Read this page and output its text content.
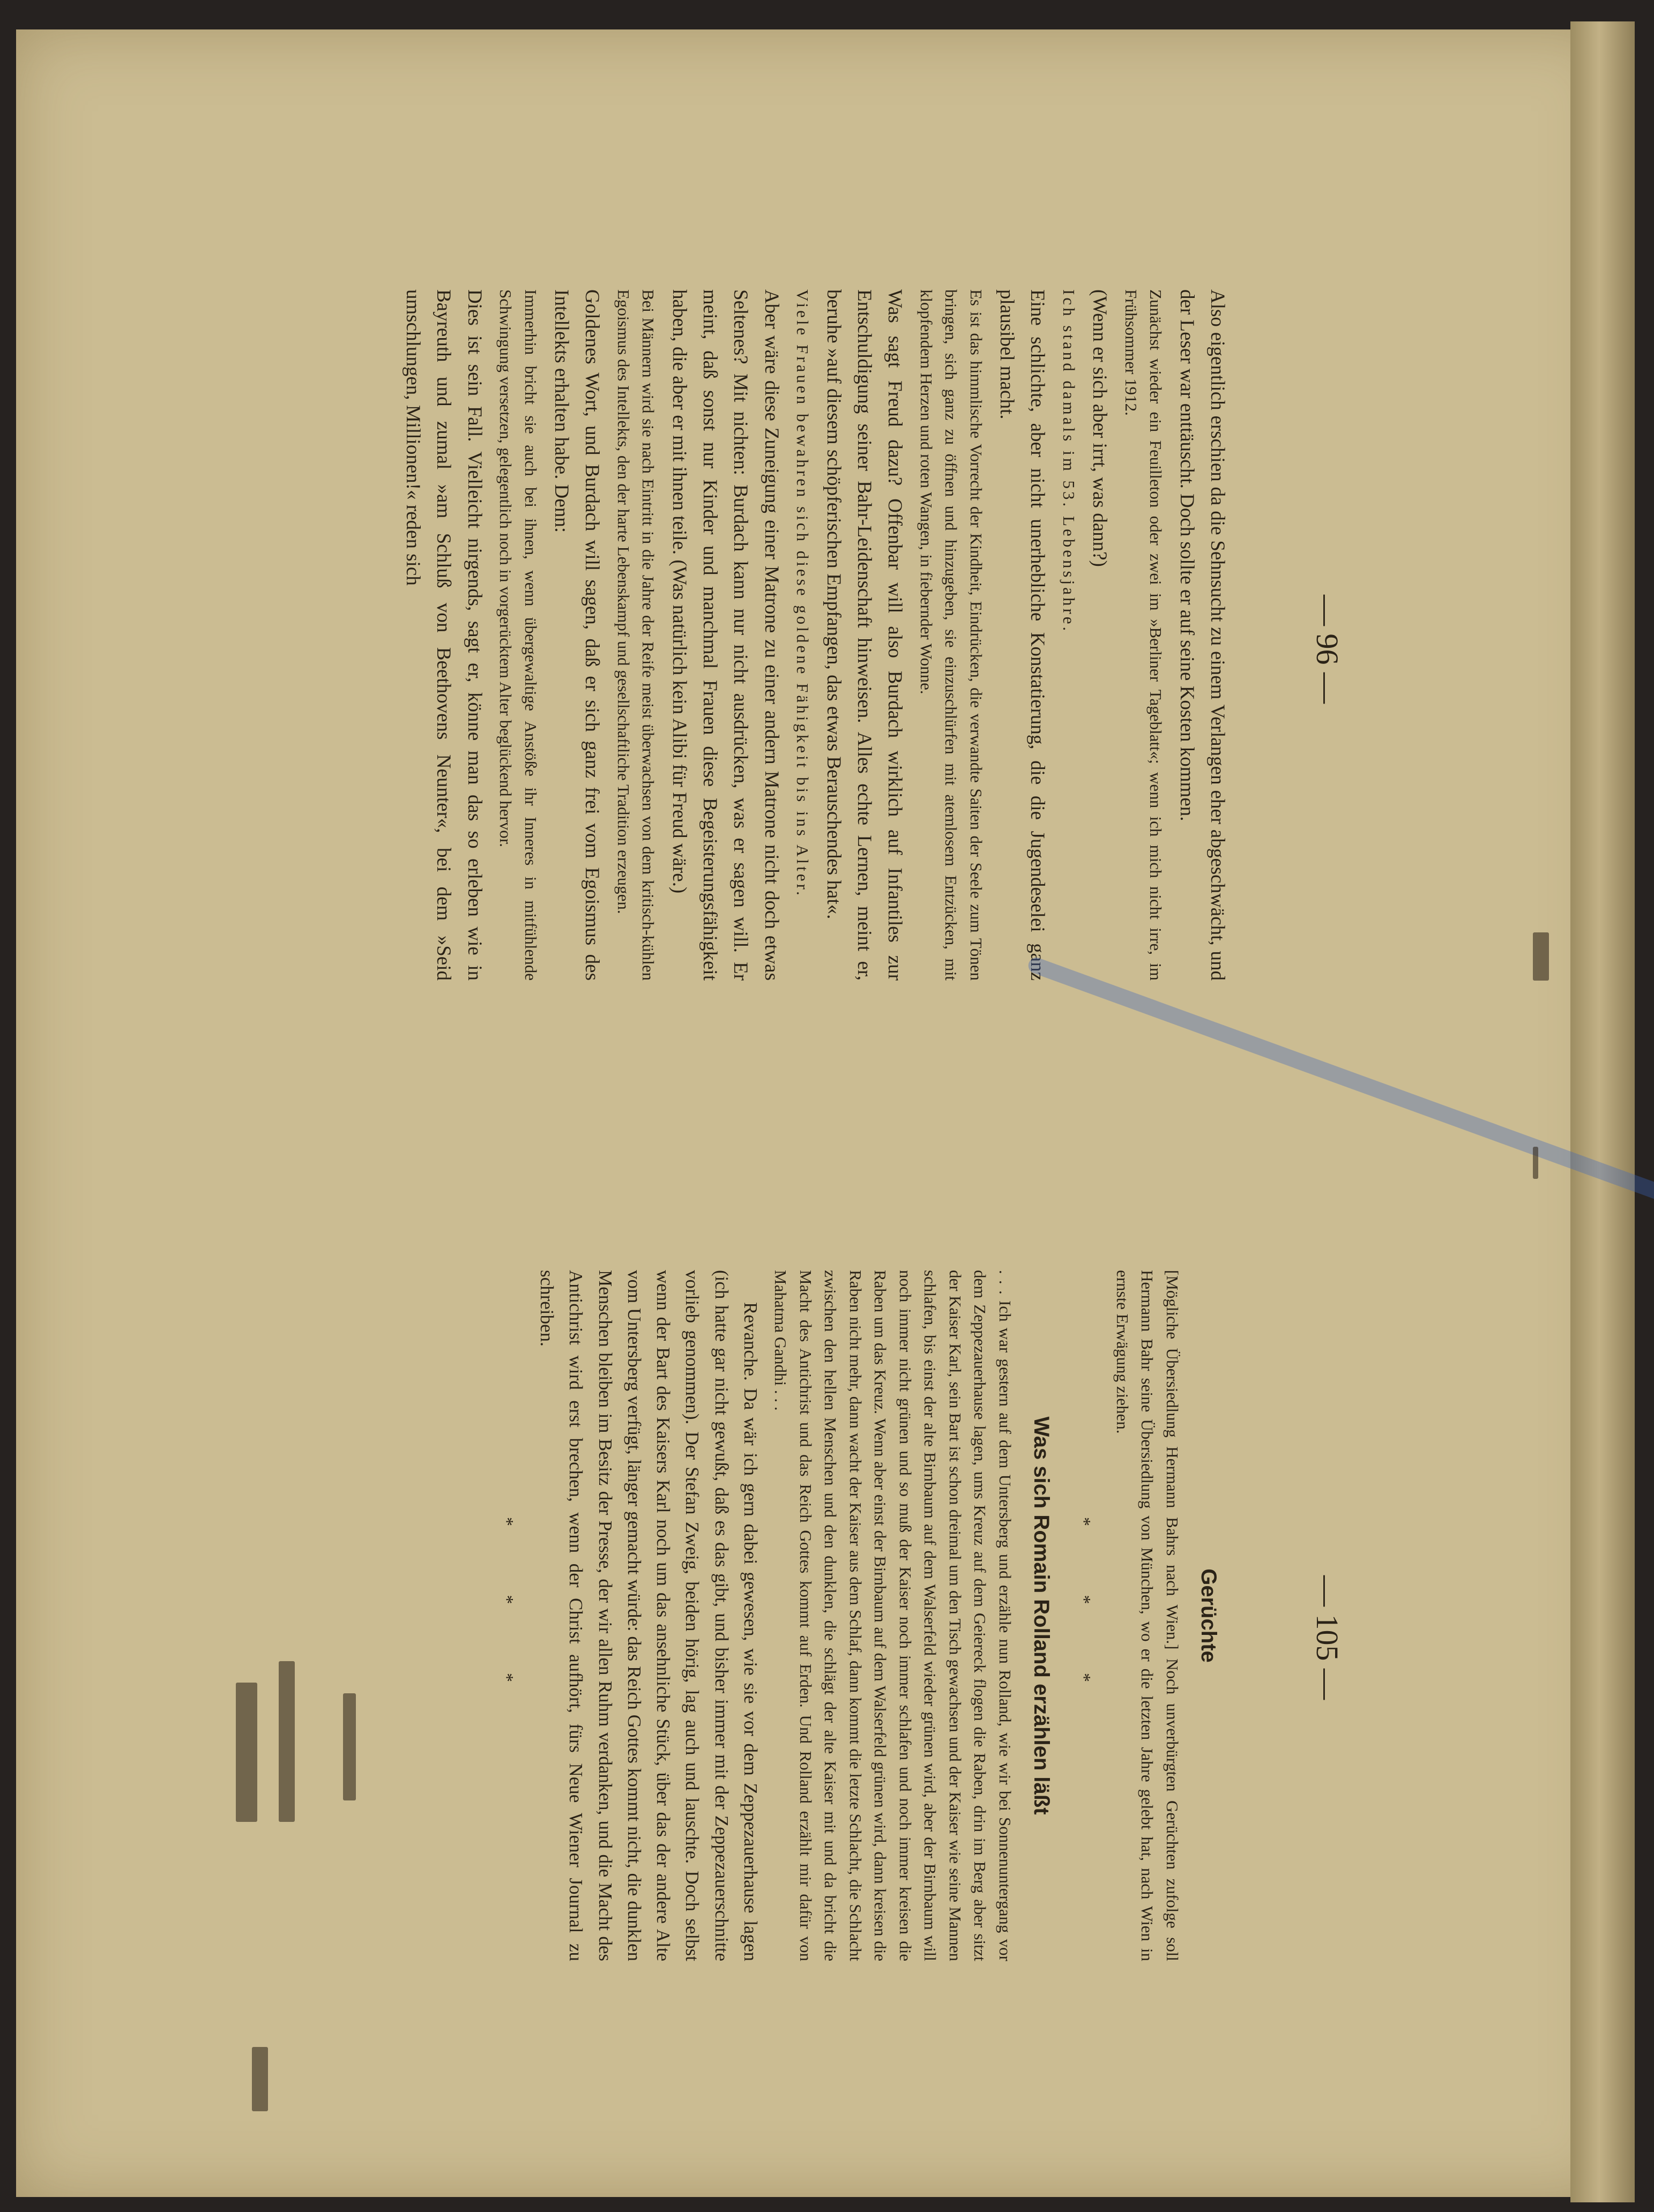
— 96 —
— 105 —

Also eigentlich erschien da die Sehnsucht zu einem Verlangen eher abgeschwächt, und der Leser war enttäuscht. Doch sollte er auf seine Kosten kommen.

Zunächst wieder ein Feuilleton oder zwei im »Berliner Tageblatt«; wenn ich mich nicht irre, im Frühsommer 1912.

(Wenn er sich aber irrt, was dann?)

Ich stand damals im 53. Lebensjahre.

Eine schlichte, aber nicht unerhebliche Konstatierung, die die Jugendeselei ganz plausibel macht.

Es ist das himmlische Vorrecht der Kindheit, Eindrücken, die verwandte Saiten der Seele zum Tönen bringen, sich ganz zu öffnen und hinzugeben, sie einzuschlürfen mit atemlosem Entzücken, mit klopfendem Herzen und roten Wangen, in fiebernder Wonne.

Was sagt Freud dazu? Offenbar will also Burdach wirklich auf Infantiles zur Entschuldigung seiner Bahr-Leidenschaft hinweisen. Alles echte Lernen, meint er, beruhe »auf diesem schöpferischen Empfangen, das etwas Berauschendes hat«.

Viele Frauen bewahren sich diese goldene Fähigkeit bis ins Alter.

Aber wäre diese Zuneigung einer Matrone zu einer andern Matrone nicht doch etwas Seltenes? Mit nichten: Burdach kann nur nicht ausdrücken, was er sagen will. Er meint, daß sonst nur Kinder und manchmal Frauen diese Begeisterungsfähigkeit haben, die aber er mit ihnen teile. (Was natürlich kein Alibi für Freud wäre.)

Bei Männern wird sie nach Eintritt in die Jahre der Reife meist überwachsen von dem kritisch-kühlen Egoismus des Intellekts, den der harte Lebenskampf und gesellschaftliche Tradition erzeugen.

Goldenes Wort, und Burdach will sagen, daß er sich ganz frei vom Egoismus des Intellekts erhalten habe. Denn:

Immerhin bricht sie auch bei ihnen, wenn übergewaltige Anstöße ihr Inneres in mitfühlende Schwingung versetzen, gelegentlich noch in vorgerücktem Alter beglückend hervor.

Dies ist sein Fall. Vielleicht nirgends, sagt er, könne man das so erleben wie in Bayreuth und zumal »am Schluß von Beethovens Neunter«, bei dem »Seid umschlungen, Millionen!« reden sich

Gerüchte

[Mögliche Übersiedlung Hermann Bahrs nach Wien.] Noch unverbürgten Gerüchten zufolge soll Hermann Bahr seine Übersiedlung von München, wo er die letzten Jahre gelebt hat, nach Wien in ernste Erwägung ziehen.

* * *
Was sich Romain Rolland erzählen läßt

. . . Ich war gestern auf dem Untersberg und erzähle nun Rolland, wie wir bei Sonnenuntergang vor dem Zeppezauerhause lagen, ums Kreuz auf dem Geiereck flogen die Raben, drin im Berg aber sitzt der Kaiser Karl, sein Bart ist schon dreimal um den Tisch gewachsen und der Kaiser wie seine Mannen schlafen, bis einst der alte Birnbaum auf dem Walserfeld wieder grünen wird, aber der Birnbaum will noch immer nicht grünen und so muß der Kaiser noch immer schlafen und noch immer kreisen die Raben um das Kreuz. Wenn aber einst der Birnbaum auf dem Walserfeld grünen wird, dann kreisen die Raben nicht mehr, dann wacht der Kaiser aus dem Schlaf, dann kommt die letzte Schlacht, die Schlacht zwischen den hellen Menschen und den dunklen, die schlägt der alte Kaiser mit und da bricht die Macht des Antichrist und das Reich Gottes kommt auf Erden. Und Rolland erzählt mir dafür von Mahatma Gandhi . . .

Revanche. Da wär ich gern dabei gewesen, wie sie vor dem Zeppezauerhause lagen (ich hatte gar nicht gewußt, daß es das gibt, und bisher immer mit der Zeppezauerschnitte vorlieb genommen). Der Stefan Zweig, beiden hörig, lag auch und lauschte. Doch selbst wenn der Bart des Kaisers Karl noch um das ansehnliche Stück, über das der andere Alte vom Untersberg verfügt, länger gemacht würde: das Reich Gottes kommt nicht, die dunklen Menschen bleiben im Besitz der Presse, der wir allen Ruhm verdanken, und die Macht des Antichrist wird erst brechen, wenn der Christ aufhört, fürs Neue Wiener Journal zu schreiben.

* * *
